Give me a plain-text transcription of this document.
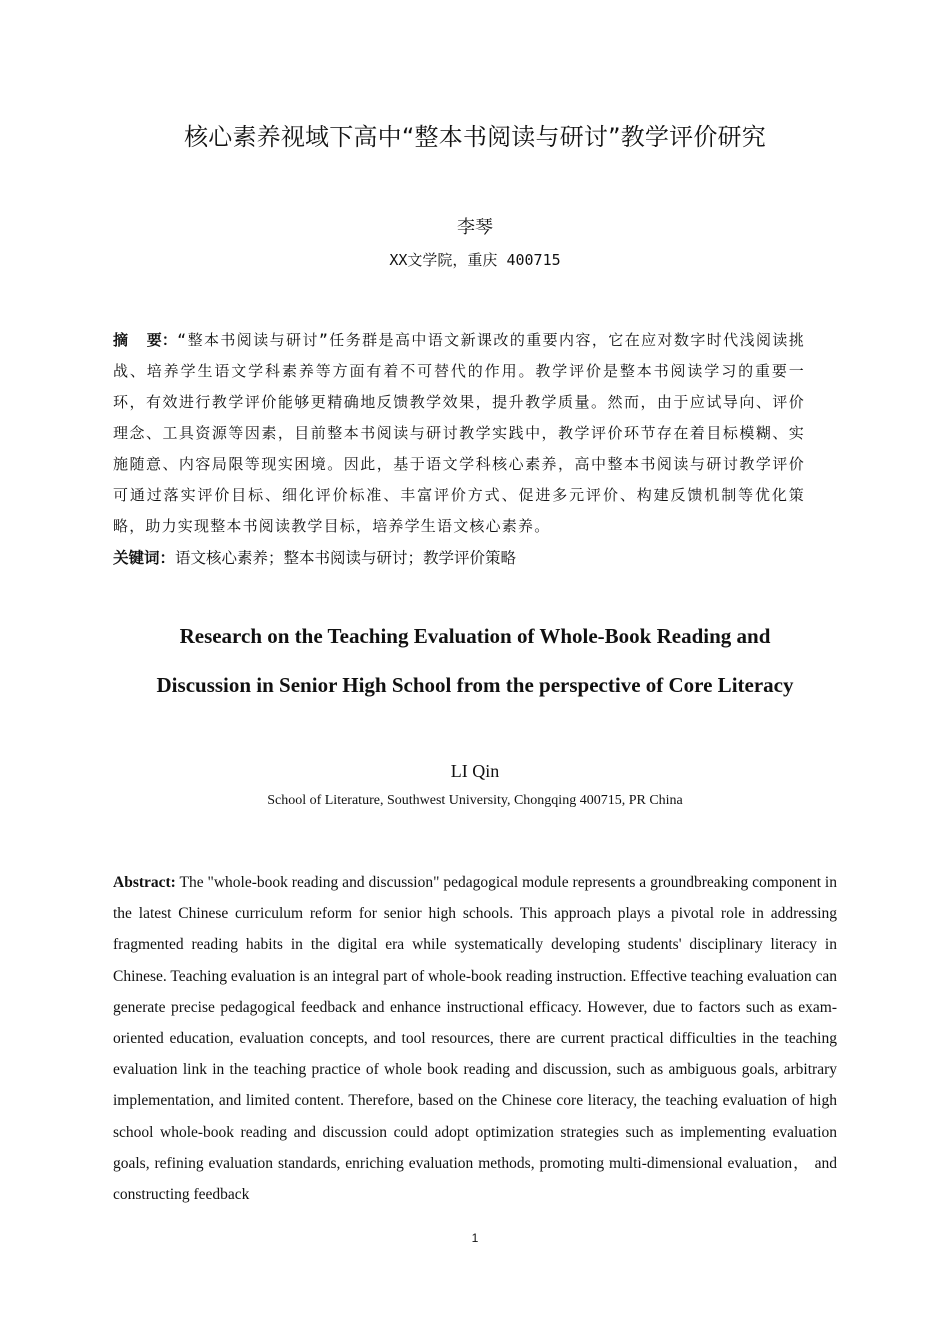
核心素养视域下高中“整本书阅读与研讨”教学评价研究
李琴
XX文学院，重庆 400715
摘  要：“整本书阅读与研讨”任务群是高中语文新课改的重要内容，它在应对数字时代浅阅读挑战、培养学生语文学科素养等方面有着不可替代的作用。教学评价是整本书阅读学习的重要一环，有效进行教学评价能够更精确地反馈教学效果，提升教学质量。然而，由于应试导向、评价理念、工具资源等因素，目前整本书阅读与研讨教学实践中，教学评价环节存在着目标模糊、实施随意、内容局限等现实困境。因此，基于语文学科核心素养，高中整本书阅读与研讨教学评价可通过落实评价目标、细化评价标准、丰富评价方式、促进多元评价、构建反馈机制等优化策略，助力实现整本书阅读教学目标，培养学生语文核心素养。
关键词：语文核心素养；整本书阅读与研讨；教学评价策略
Research on the Teaching Evaluation of Whole-Book Reading and
Discussion in Senior High School from the perspective of Core Literacy
LI Qin
School of Literature, Southwest University, Chongqing 400715, PR China
Abstract: The "whole-book reading and discussion" pedagogical module represents a groundbreaking component in the latest Chinese curriculum reform for senior high schools. This approach plays a pivotal role in addressing fragmented reading habits in the digital era while systematically developing students' disciplinary literacy in Chinese. Teaching evaluation is an integral part of whole-book reading instruction. Effective teaching evaluation can generate precise pedagogical feedback and enhance instructional efficacy. However, due to factors such as exam-oriented education, evaluation concepts, and tool resources, there are current practical difficulties in the teaching evaluation link in the teaching practice of whole book reading and discussion, such as ambiguous goals, arbitrary implementation, and limited content. Therefore, based on the Chinese core literacy, the teaching evaluation of high school whole-book reading and discussion could adopt optimization strategies such as implementing evaluation goals, refining evaluation standards, enriching evaluation methods, promoting multi-dimensional evaluation， and constructing feedback
1
